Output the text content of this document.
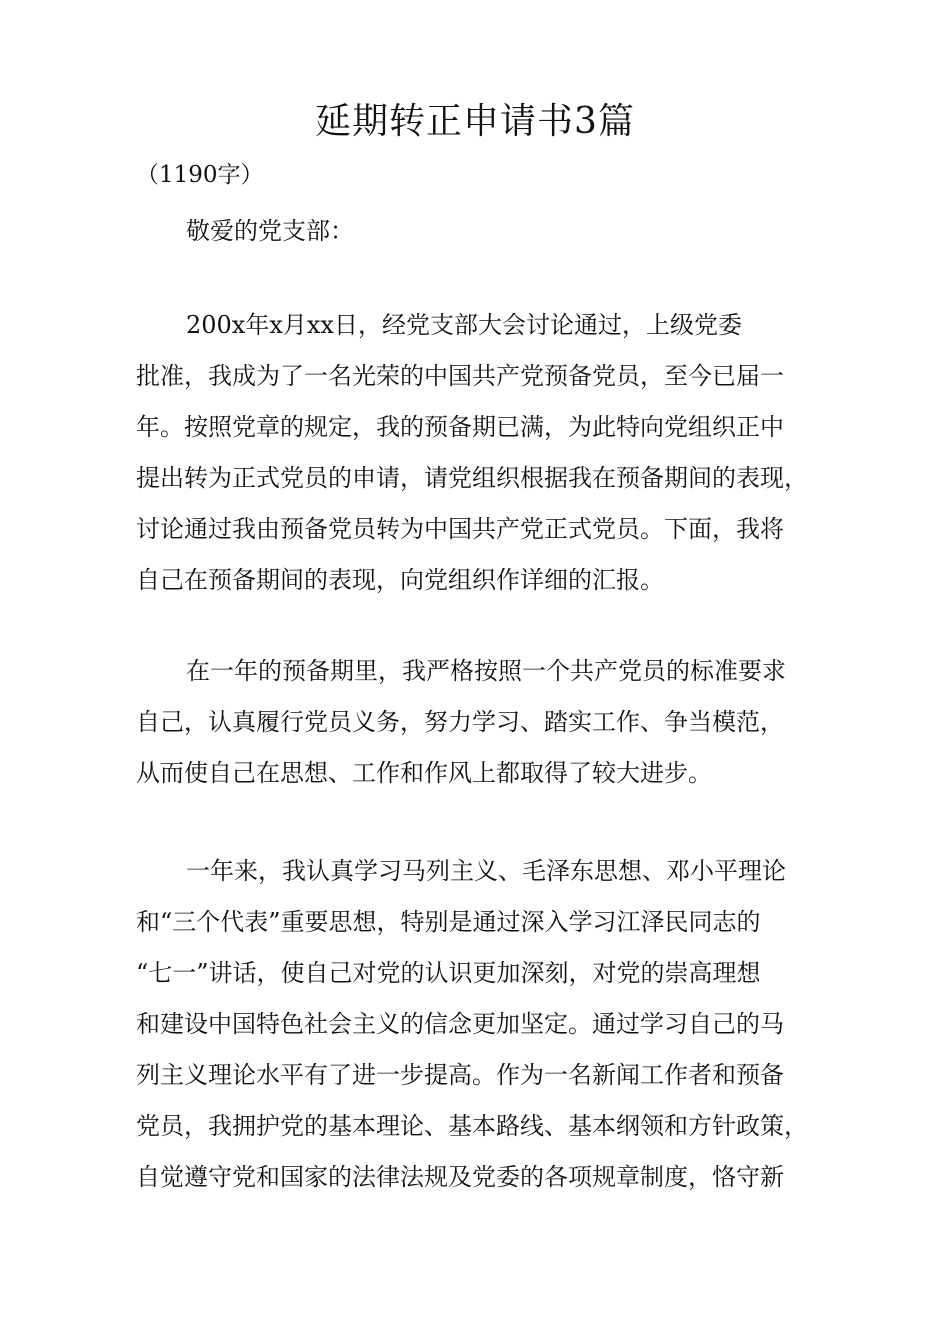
延期转正申请书3篇

（1190字）

敬爱的党支部：
200x年x月xx日，经党支部大会讨论通过，上级党委
批准，我成为了一名光荣的中国共产党预备党员，至今已届一
年。按照党章的规定，我的预备期已满，为此特向党组织正中
提出转为正式党员的申请，请党组织根据我在预备期间的表现，
讨论通过我由预备党员转为中国共产党正式党员。下面，我将
自己在预备期间的表现，向党组织作详细的汇报。
在一年的预备期里，我严格按照一个共产党员的标准要求
自己，认真履行党员义务，努力学习、踏实工作、争当模范，
从而使自己在思想、工作和作风上都取得了较大进步。
一年来，我认真学习马列主义、毛泽东思想、邓小平理论
和“三个代表”重要思想，特别是通过深入学习江泽民同志的
“七一”讲话，使自己对党的认识更加深刻，对党的崇高理想
和建设中国特色社会主义的信念更加坚定。通过学习自己的马
列主义理论水平有了进一步提高。作为一名新闻工作者和预备
党员，我拥护党的基本理论、基本路线、基本纲领和方针政策，
自觉遵守党和国家的法律法规及党委的各项规章制度，恪守新
